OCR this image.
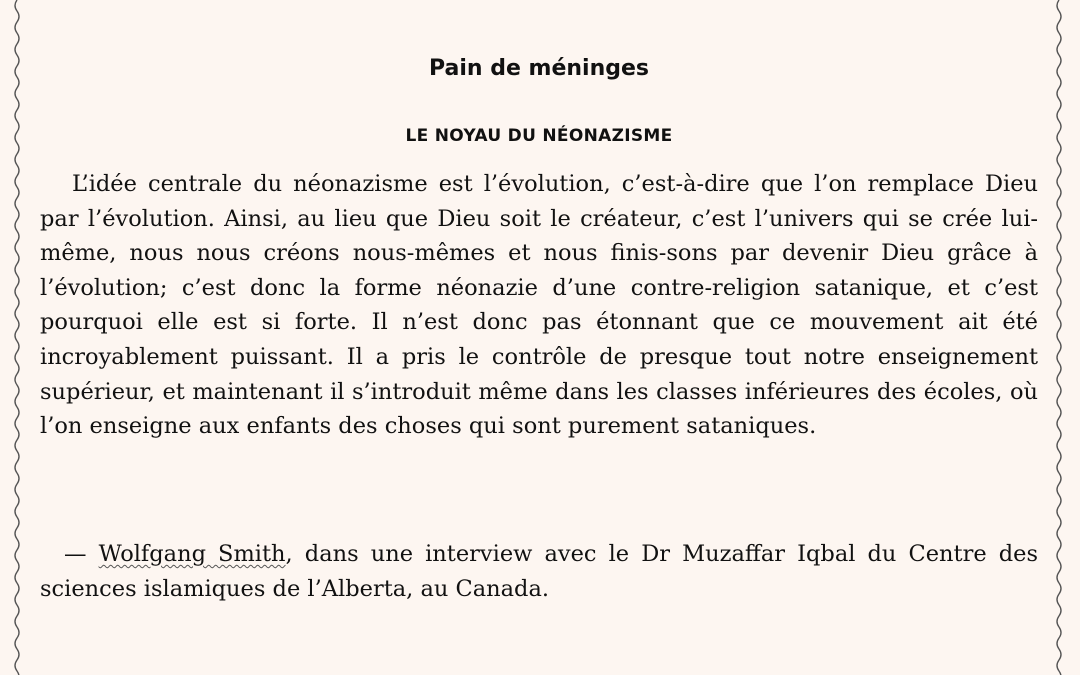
Pain de méninges
LE NOYAU DU NÉONAZISME

L’idée centrale du néonazisme est l’évolution, c’est-à-dire que l’on remplace Dieu par l’évolution. Ainsi, au lieu que Dieu soit le créateur, c’est l’univers qui se crée lui-même, nous nous créons nous-mêmes et nous finis-sons par devenir Dieu grâce à l’évolution; c’est donc la forme néonazie d’une contre-religion satanique, et c’est pourquoi elle est si forte. Il n’est donc pas étonnant que ce mouvement ait été incroyablement puissant. Il a pris le contrôle de presque tout notre enseignement supérieur, et maintenant il s’introduit même dans les classes inférieures des écoles, où l’on enseigne aux enfants des choses qui sont purement sataniques.

— Wolfgang Smith, dans une interview avec le Dr Muzaffar Iqbal du Centre des sciences islamiques de l’Alberta, au Canada.
